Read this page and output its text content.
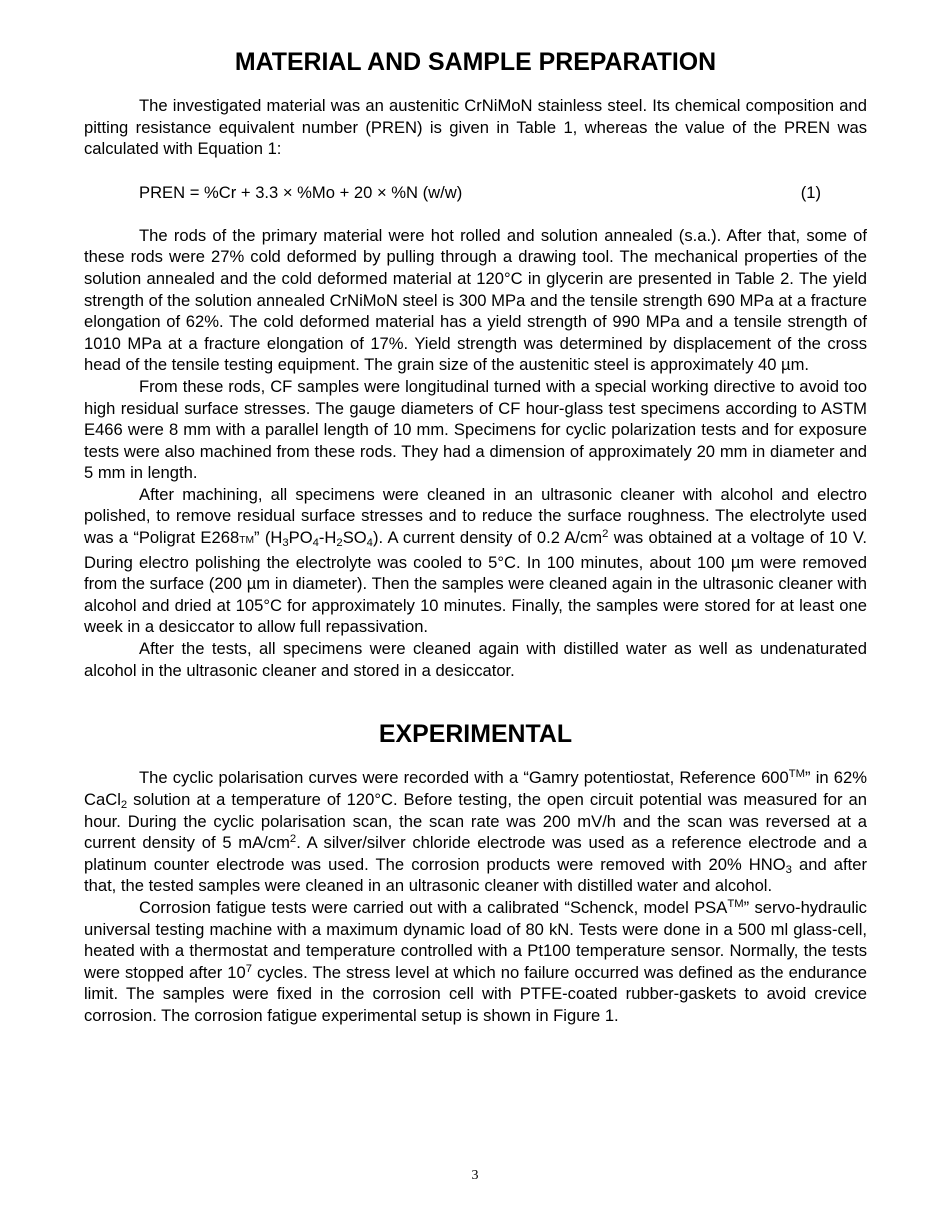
MATERIAL AND SAMPLE PREPARATION

The investigated material was an austenitic CrNiMoN stainless steel. Its chemical composition and pitting resistance equivalent number (PREN) is given in Table 1, whereas the value of the PREN was calculated with Equation 1:

PREN = %Cr + 3.3 × %Mo + 20 × %N (w/w)	(1)

The rods of the primary material were hot rolled and solution annealed (s.a.). After that, some of these rods were 27% cold deformed by pulling through a drawing tool. The mechanical properties of the solution annealed and the cold deformed material at 120°C in glycerin are presented in Table 2. The yield strength of the solution annealed CrNiMoN steel is 300 MPa and the tensile strength 690 MPa at a fracture elongation of 62%. The cold deformed material has a yield strength of 990 MPa and a tensile strength of 1010 MPa at a fracture elongation of 17%. Yield strength was determined by displacement of the cross head of the tensile testing equipment. The grain size of the austenitic steel is approximately 40 µm.

From these rods, CF samples were longitudinal turned with a special working directive to avoid too high residual surface stresses. The gauge diameters of CF hour-glass test specimens according to ASTM E466 were 8 mm with a parallel length of 10 mm. Specimens for cyclic polarization tests and for exposure tests were also machined from these rods. They had a dimension of approximately 20 mm in diameter and 5 mm in length.

After machining, all specimens were cleaned in an ultrasonic cleaner with alcohol and electro polished, to remove residual surface stresses and to reduce the surface roughness. The electrolyte used was a “Poligrat E268TM” $(H_3PO_4-H_2SO_4)$. A current density of 0.2 $A/cm^2$ was obtained at a voltage of 10 V. During electro polishing the electrolyte was cooled to 5°C. In 100 minutes, about 100 µm were removed from the surface (200 µm in diameter). Then the samples were cleaned again in the ultrasonic cleaner with alcohol and dried at 105°C for approximately 10 minutes. Finally, the samples were stored for at least one week in a desiccator to allow full repassivation.

After the tests, all specimens were cleaned again with distilled water as well as undenaturated alcohol in the ultrasonic cleaner and stored in a desiccator.

EXPERIMENTAL

The cyclic polarisation curves were recorded with a “Gamry potentiostat, Reference 600™” in 62% CaCl$_2$ solution at a temperature of 120°C. Before testing, the open circuit potential was measured for an hour. During the cyclic polarisation scan, the scan rate was 200 mV/h and the scan was reversed at a current density of 5 $mA/cm^2$. A silver/silver chloride electrode was used as a reference electrode and a platinum counter electrode was used. The corrosion products were removed with 20% $HNO_3$ and after that, the tested samples were cleaned in an ultrasonic cleaner with distilled water and alcohol.

Corrosion fatigue tests were carried out with a calibrated “Schenck, model PSA™” servo-hydraulic universal testing machine with a maximum dynamic load of 80 kN. Tests were done in a 500 ml glass-cell, heated with a thermostat and temperature controlled with a Pt100 temperature sensor. Normally, the tests were stopped after $10^7$ cycles. The stress level at which no failure occurred was defined as the endurance limit. The samples were fixed in the corrosion cell with PTFE-coated rubber-gaskets to avoid crevice corrosion. The corrosion fatigue experimental setup is shown in Figure 1.

3
